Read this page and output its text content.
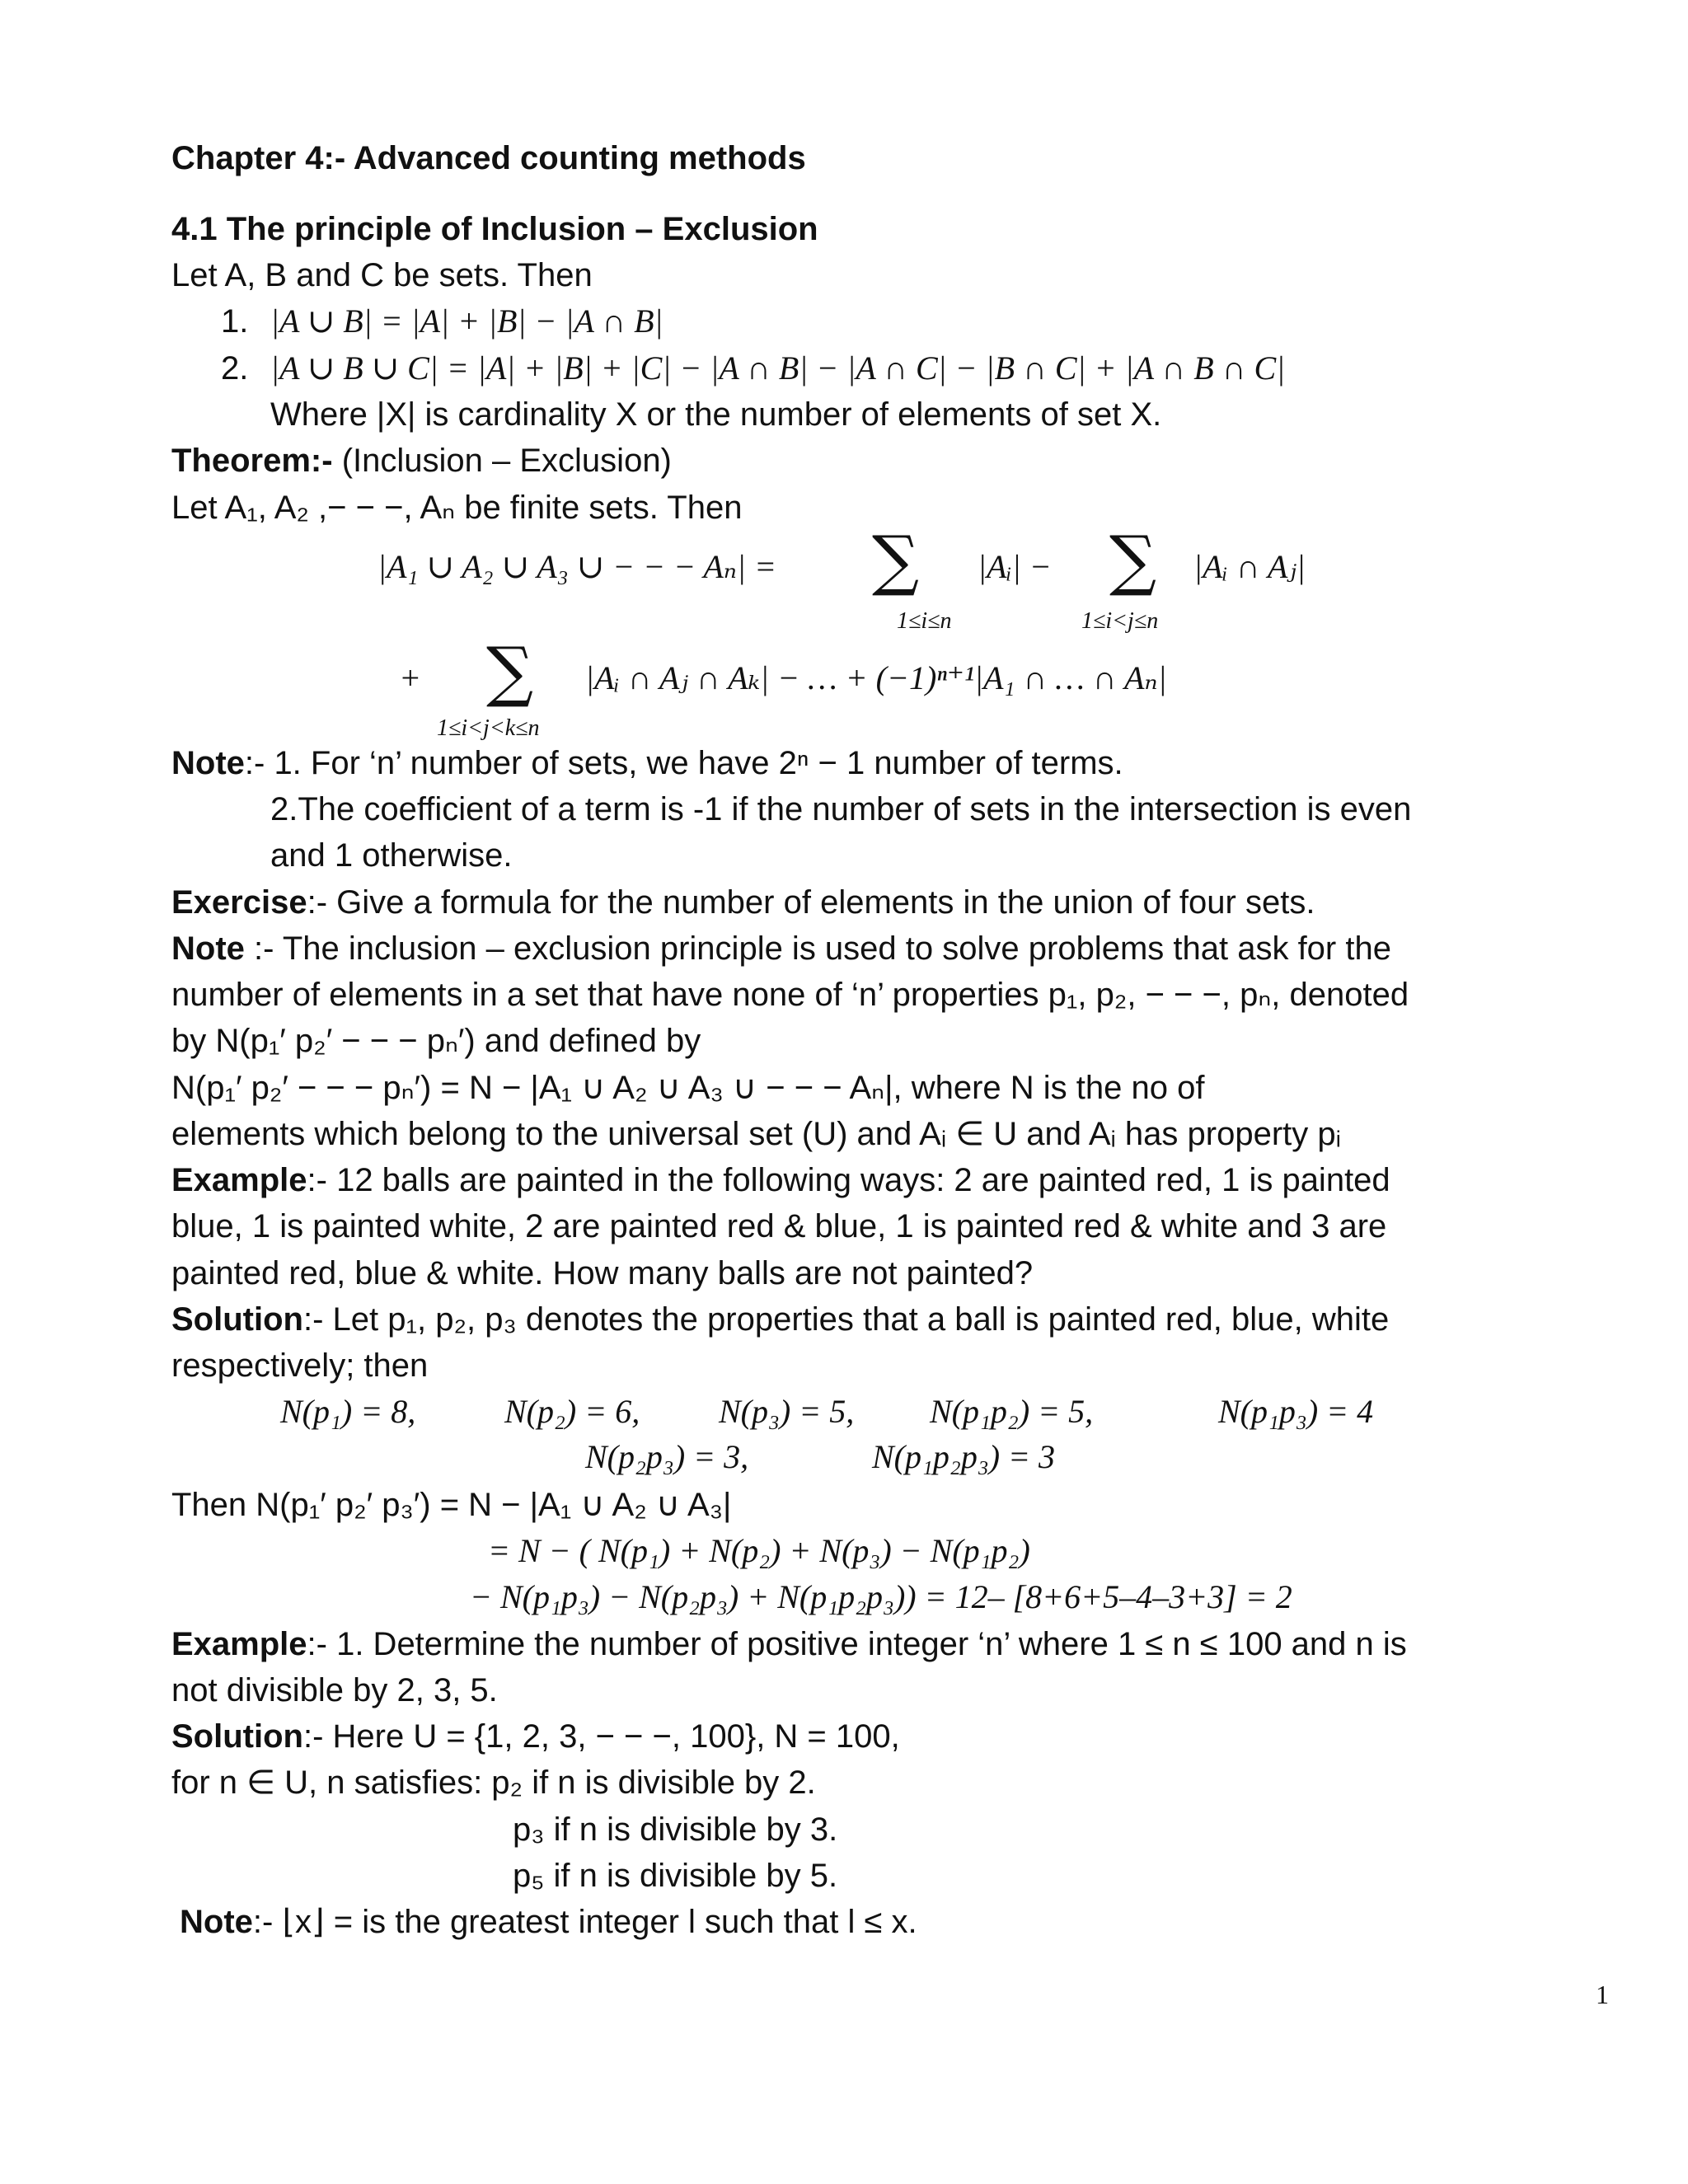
Chapter 4:- Advanced counting methods
4.1 The principle of Inclusion – Exclusion
Let A, B and C be sets. Then
1. |A ∪ B| = |A| + |B| − |A ∩ B|
2. |A ∪ B ∪ C| = |A| + |B| + |C| − |A ∩ B| − |A ∩ C| − |B ∩ C| + |A ∩ B ∩ C|
Where |X| is cardinality X or the number of elements of set X.
Theorem:- (Inclusion – Exclusion)
Let A₁, A₂ ,− − −, Aₙ be finite sets. Then
|A₁ ∪ A₂ ∪ A₃ ∪ − − − Aₙ| = ∑
1≤i≤n
|Aᵢ| − ∑
1≤i<j≤n
|Aᵢ ∩ Aⱼ|
+ ∑
1≤i<j<k≤n
|Aᵢ ∩ Aⱼ ∩ Aₖ| − … + (−1)ⁿ⁺¹|A₁ ∩ … ∩ Aₙ|
Note:- 1. For ‘n’ number of sets, we have 2ⁿ − 1 number of terms.
2.The coefficient of a term is -1 if the number of sets in the intersection is even
and 1 otherwise.
Exercise:- Give a formula for the number of elements in the union of four sets.
Note :- The inclusion – exclusion principle is used to solve problems that ask for the
number of elements in a set that have none of ‘n’ properties p₁, p₂, − − −, pₙ, denoted
by N(p₁′ p₂′ − − − pₙ′) and defined by
N(p₁′ p₂′ − − − pₙ′) = N − |A₁ ∪ A₂ ∪ A₃ ∪ − − − Aₙ|, where N is the no of
elements which belong to the universal set (U) and Aᵢ ∈ U and Aᵢ has property pᵢ
Example:- 12 balls are painted in the following ways: 2 are painted red, 1 is painted
blue, 1 is painted white, 2 are painted red & blue, 1 is painted red & white and 3 are
painted red, blue & white. How many balls are not painted?
Solution:- Let p₁, p₂, p₃ denotes the properties that a ball is painted red, blue, white
respectively; then
N(p₁) = 8,	N(p₂) = 6, N(p₃) = 5, N(p₁p₂) = 5,	N(p₁p₃) = 4
N(p₂p₃) = 3,	N(p₁p₂p₃) = 3
Then N(p₁′ p₂′ p₃′) = N − |A₁ ∪ A₂ ∪ A₃|
= N − ( N(p₁) + N(p₂) + N(p₃) − N(p₁p₂)
− N(p₁p₃) − N(p₂p₃) + N(p₁p₂p₃)) = 12– [8+6+5–4–3+3] = 2
Example:- 1. Determine the number of positive integer ‘n’ where 1 ≤ n ≤ 100 and n is
not divisible by 2, 3, 5.
Solution:- Here U = {1, 2, 3, − − −, 100}, N = 100,
for n ∈ U, n satisfies: p₂ if n is divisible by 2.
p₃ if n is divisible by 3.
p₅ if n is divisible by 5.
Note:- ⌊x⌋ = is the greatest integer l such that l ≤ x.
1
